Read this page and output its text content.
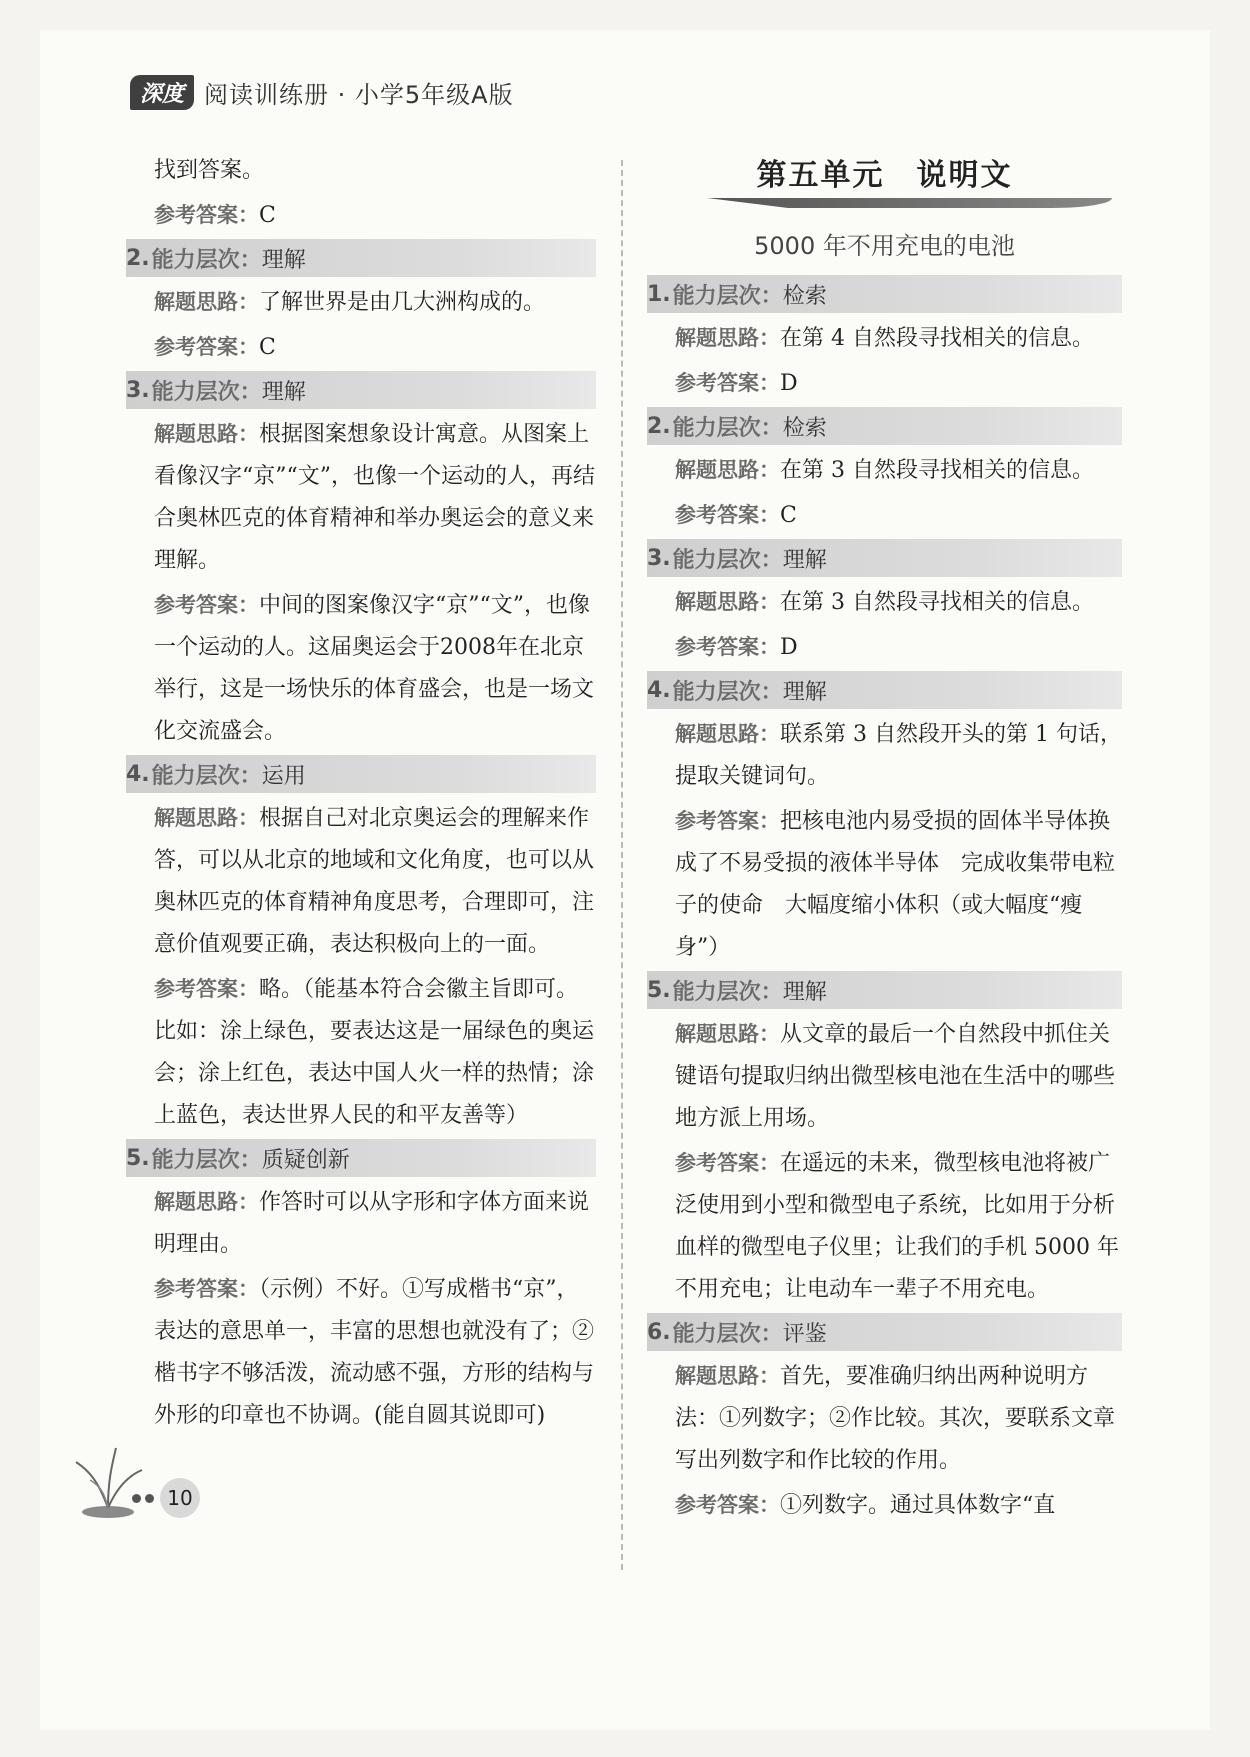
深度 阅读训练册 · 小学5年级A版
找到答案。
参考答案：C
2. 能力层次： 理解
解题思路：了解世界是由几大洲构成的。
参考答案：C
3. 能力层次： 理解
解题思路：根据图案想象设计寓意。从图案上看像汉字“京”“文”，也像一个运动的人，再结合奥林匹克的体育精神和举办奥运会的意义来理解。
参考答案：中间的图案像汉字“京”“文”，也像一个运动的人。这届奥运会于2008年在北京举行，这是一场快乐的体育盛会，也是一场文化交流盛会。
4. 能力层次： 运用
解题思路：根据自己对北京奥运会的理解来作答，可以从北京的地域和文化角度，也可以从奥林匹克的体育精神角度思考，合理即可，注意价值观要正确，表达积极向上的一面。
参考答案：略。（能基本符合会徽主旨即可。比如：涂上绿色，要表达这是一届绿色的奥运会；涂上红色，表达中国人火一样的热情；涂上蓝色，表达世界人民的和平友善等）
5. 能力层次： 质疑创新
解题思路：作答时可以从字形和字体方面来说明理由。
参考答案：（示例）不好。①写成楷书“京”，表达的意思单一，丰富的思想也就没有了；②楷书字不够活泼，流动感不强，方形的结构与外形的印章也不协调。(能自圆其说即可)
第五单元　说明文
5000 年不用充电的电池
1. 能力层次： 检索
解题思路：在第 4 自然段寻找相关的信息。
参考答案：D
2. 能力层次： 检索
解题思路：在第 3 自然段寻找相关的信息。
参考答案：C
3. 能力层次： 理解
解题思路：在第 3 自然段寻找相关的信息。
参考答案：D
4. 能力层次： 理解
解题思路：联系第 3 自然段开头的第 1 句话，提取关键词句。
参考答案：把核电池内易受损的固体半导体换成了不易受损的液体半导体　完成收集带电粒子的使命　大幅度缩小体积（或大幅度“瘦身”）
5. 能力层次： 理解
解题思路：从文章的最后一个自然段中抓住关键语句提取归纳出微型核电池在生活中的哪些地方派上用场。
参考答案：在遥远的未来，微型核电池将被广泛使用到小型和微型电子系统，比如用于分析血样的微型电子仪里；让我们的手机 5000 年不用充电；让电动车一辈子不用充电。
6. 能力层次： 评鉴
解题思路：首先，要准确归纳出两种说明方法：①列数字；②作比较。其次，要联系文章写出列数字和作比较的作用。
参考答案：①列数字。通过具体数字“直
10
